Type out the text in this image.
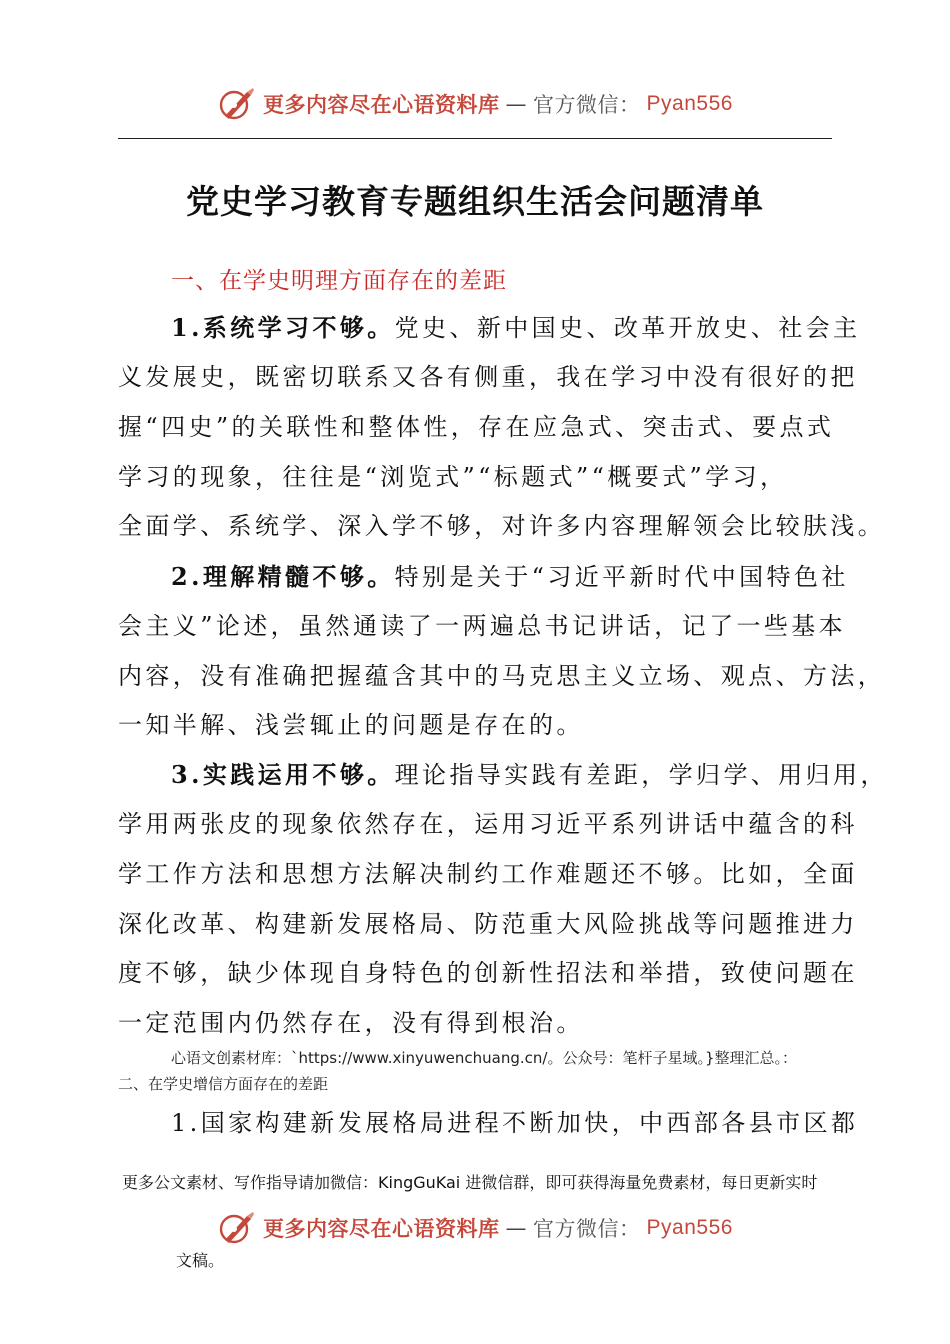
更多内容尽在心语资料库 — 官方微信： Pyan556
党史学习教育专题组织生活会问题清单
一、在学史明理方面存在的差距
1.系统学习不够。党史、新中国史、改革开放史、社会主
义发展史，既密切联系又各有侧重，我在学习中没有很好的把
握“四史”的关联性和整体性，存在应急式、突击式、要点式
学习的现象，往往是“浏览式”“标题式”“概要式”学习，
全面学、系统学、深入学不够，对许多内容理解领会比较肤浅。
2.理解精髓不够。特别是关于“习近平新时代中国特色社
会主义”论述，虽然通读了一两遍总书记讲话，记了一些基本
内容，没有准确把握蕴含其中的马克思主义立场、观点、方法，
一知半解、浅尝辄止的问题是存在的。
3.实践运用不够。理论指导实践有差距，学归学、用归用，
学用两张皮的现象依然存在，运用习近平系列讲话中蕴含的科
学工作方法和思想方法解决制约工作难题还不够。比如，全面
深化改革、构建新发展格局、防范重大风险挑战等问题推进力
度不够，缺少体现自身特色的创新性招法和举措，致使问题在
一定范围内仍然存在，没有得到根治。
心语文创素材库：`https://www.xinyuwenchuang.cn/。公众号：笔杆子星域。}整理汇总。：
二、在学史增信方面存在的差距
1.国家构建新发展格局进程不断加快，中西部各县市区都
更多公文素材、写作指导请加微信：KingGuKai 进微信群，即可获得海量免费素材，每日更新实时
更多内容尽在心语资料库 — 官方微信： Pyan556
文稿。
